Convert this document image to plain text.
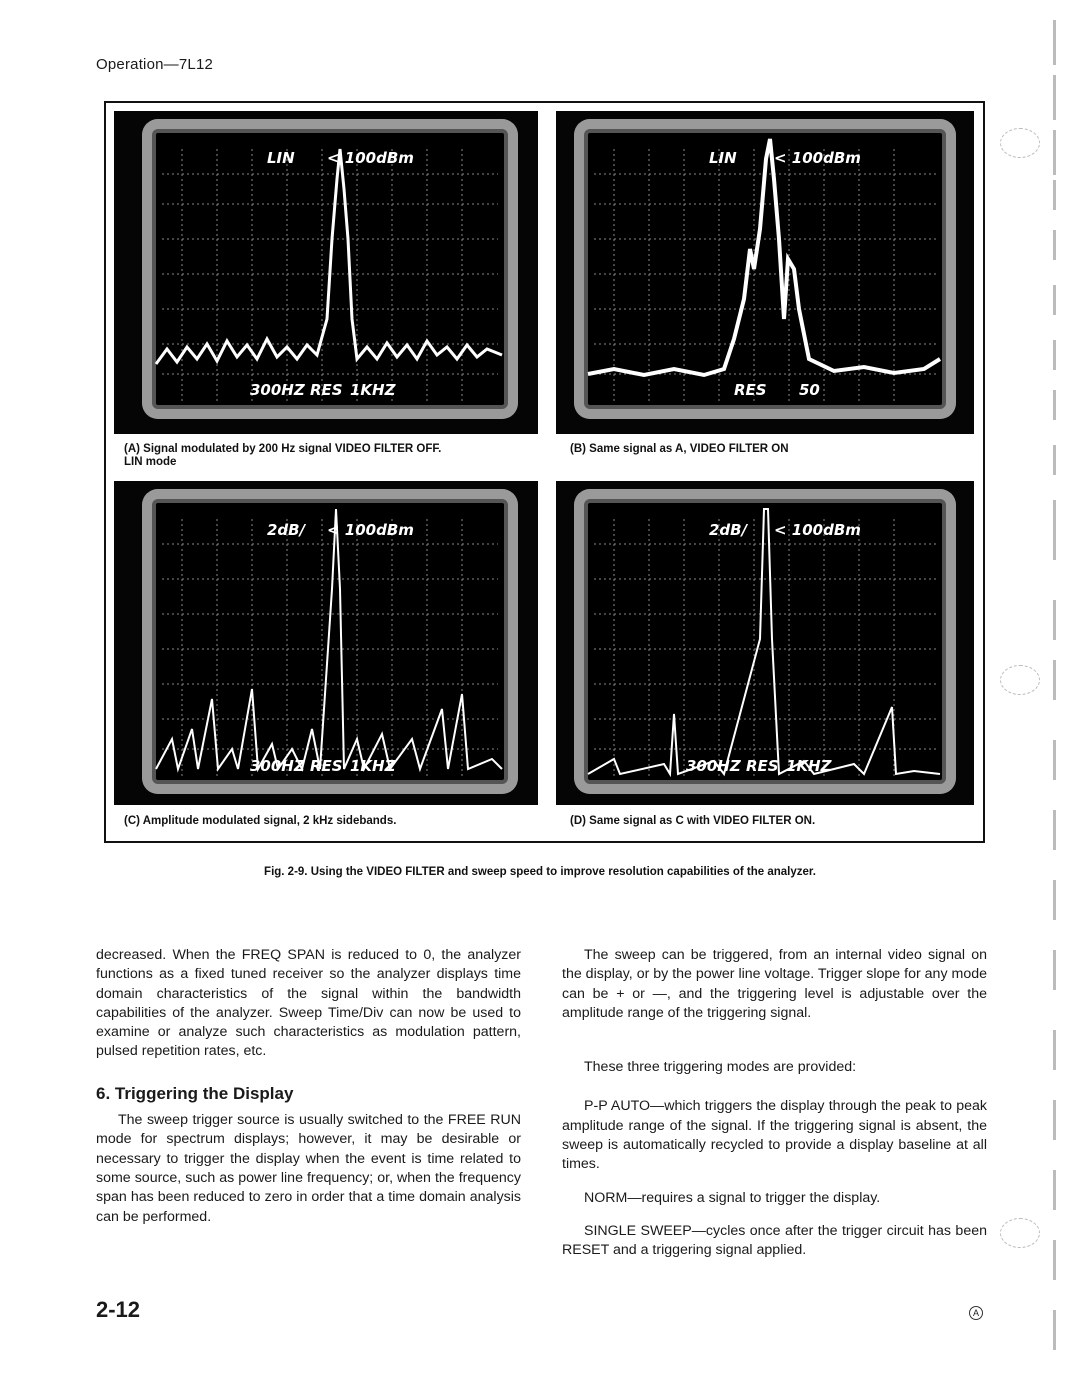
Operation—7L12
LIN < 100dBm
300HZ RES 1KHZ
(A) Signal modulated by 200 Hz signal VIDEO FILTER OFF.
LIN mode
LIN < 100dBm
RES 50
(B) Same signal as A, VIDEO FILTER ON
2dB/ < 100dBm
300HZ RES 1KHZ
(C) Amplitude modulated signal, 2 kHz sidebands.
2dB/ < 100dBm
300HZ RES 1KHZ
(D) Same signal as C with VIDEO FILTER ON.
Fig. 2-9. Using the VIDEO FILTER and sweep speed to improve resolution capabilities of the analyzer.

decreased. When the FREQ SPAN is reduced to 0, the analyzer functions as a fixed tuned receiver so the analyzer displays time domain characteristics of the signal within the bandwidth capabilities of the analyzer. Sweep Time/Div can now be used to examine or analyze such characteristics as modulation pattern, pulsed repetition rates, etc.

6. Triggering the Display

The sweep trigger source is usually switched to the FREE RUN mode for spectrum displays; however, it may be desirable or necessary to trigger the display when the event is time related to some source, such as power line frequency; or, when the frequency span has been reduced to zero in order that a time domain analysis can be performed.

The sweep can be triggered, from an internal video signal on the display, or by the power line voltage. Trigger slope for any mode can be + or —, and the triggering level is adjustable over the amplitude range of the triggering signal.

These three triggering modes are provided:

P-P AUTO—which triggers the display through the peak to peak amplitude range of the signal. If the triggering signal is absent, the sweep is automatically recycled to provide a display baseline at all times.

NORM—requires a signal to trigger the display.

SINGLE SWEEP—cycles once after the trigger circuit has been RESET and a triggering signal applied.

2-12	A
